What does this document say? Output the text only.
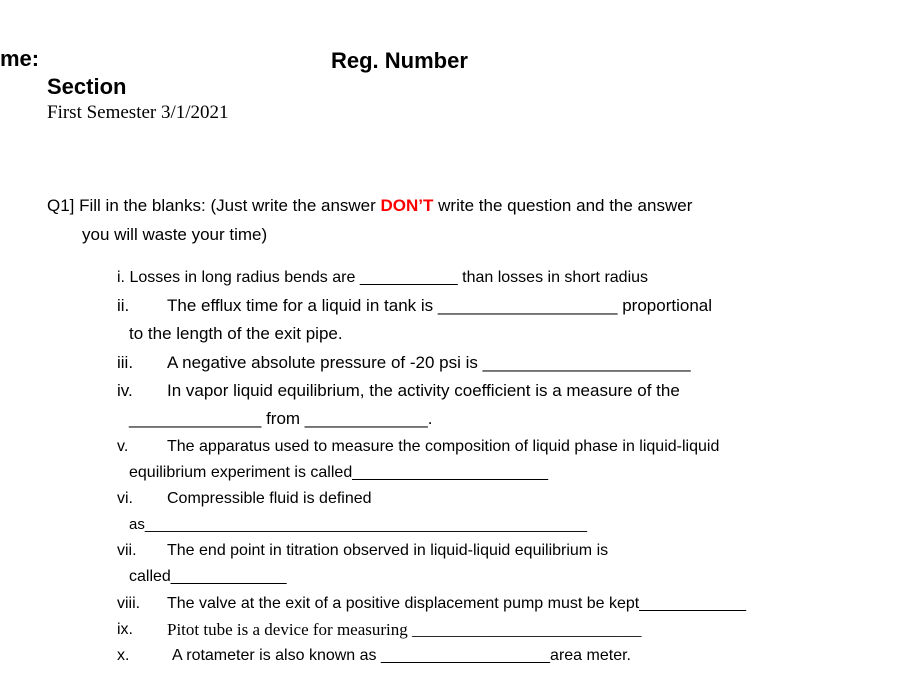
me:	Reg. Number
Section
First Semester 3/1/2021
Q1] Fill in the blanks: (Just write the answer DON’T write the question and the answer
you will waste your time)
i. Losses in long radius bends are ___________ than losses in short radius
ii. The efflux time for a liquid in tank is ___________________ proportional
to the length of the exit pipe.
iii. A negative absolute pressure of -20 psi is ______________________
iv. In vapor liquid equilibrium, the activity coefficient is a measure of the
______________ from _____________.
v. The apparatus used to measure the composition of liquid phase in liquid-liquid
equilibrium experiment is called______________________
vi. Compressible fluid is defined
as_____________________________________________________
vii. The end point in titration observed in liquid-liquid equilibrium is
called_____________
viii. The valve at the exit of a positive displacement pump must be kept____________
ix. Pitot tube is a device for measuring ___________________________
x.	A rotameter is also known as ___________________area meter.
